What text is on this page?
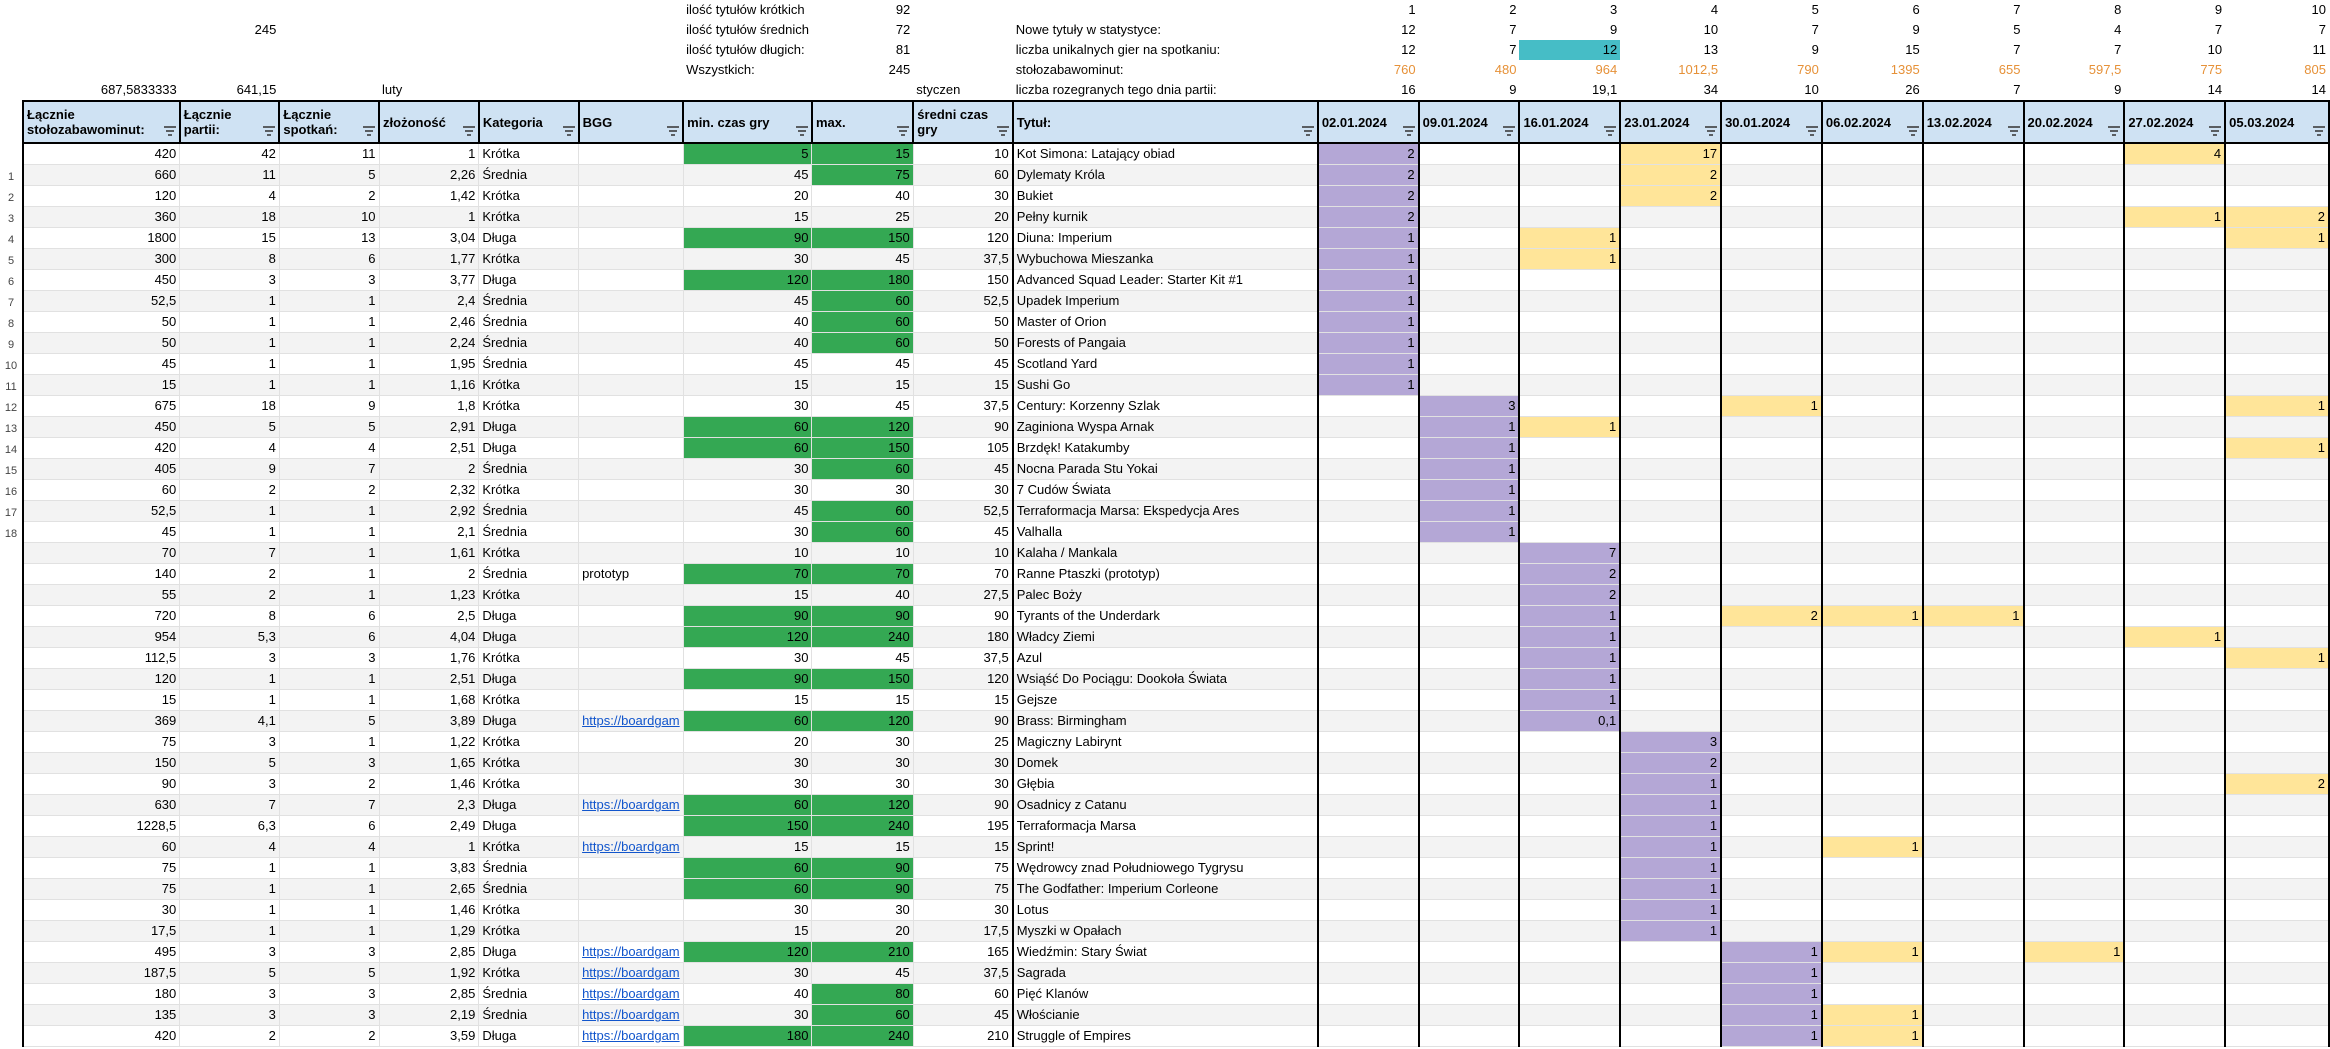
1
2
3
4
5
6
7
8
9
10
11
12
13
14
15
16
17
18
						ilość tytułów krótkich	92			1	2	3	4	5	6	7	8	9	10
	245					ilość tytułów średnich	72		Nowe tytuły w statystyce:	12	7	9	10	7	9	5	4	7	7
						ilość tytułów długich:	81		liczba unikalnych gier na spotkaniu:	12	7	12	13	9	15	7	7	10	11
						Wszystkich:	245		stołozabawominut:	760	480	964	1012,5	790	1395	655	597,5	775	805
687,5833333	641,15		luty					styczen	liczba rozegranych tego dnia partii:	16	9	19,1	34	10	26	7	9	14	14

Łącznie stołozabawominut:	Łącznie partii:	Łącznie spotkań:	złożoność	Kategoria	BGG	min. czas gry	max.	średni czas gry	Tytuł:	02.01.2024	09.01.2024	16.01.2024	23.01.2024	30.01.2024	06.02.2024	13.02.2024	20.02.2024	27.02.2024	05.03.2024

420	42	11	1	Krótka		5	15	10	Kot Simona: Latający obiad	2			17					4	
660	11	5	2,26	Średnia		45	75	60	Dylematy Króla	2			2						
120	4	2	1,42	Krótka		20	40	30	Bukiet	2			2						
360	18	10	1	Krótka		15	25	20	Pełny kurnik	2								1	2
1800	15	13	3,04	Długa		90	150	120	Diuna: Imperium	1		1							1
300	8	6	1,77	Krótka		30	45	37,5	Wybuchowa Mieszanka	1		1							
450	3	3	3,77	Długa		120	180	150	Advanced Squad Leader: Starter Kit #1	1									
52,5	1	1	2,4	Średnia		45	60	52,5	Upadek Imperium	1									
50	1	1	2,46	Średnia		40	60	50	Master of Orion	1									
50	1	1	2,24	Średnia		40	60	50	Forests of Pangaia	1									
45	1	1	1,95	Średnia		45	45	45	Scotland Yard	1									
15	1	1	1,16	Krótka		15	15	15	Sushi Go	1									
675	18	9	1,8	Krótka		30	45	37,5	Century: Korzenny Szlak		3			1					1
450	5	5	2,91	Długa		60	120	90	Zaginiona Wyspa Arnak		1	1							
420	4	4	2,51	Długa		60	150	105	Brzdęk! Katakumby		1								1
405	9	7	2	Średnia		30	60	45	Nocna Parada Stu Yokai		1								
60	2	2	2,32	Krótka		30	30	30	7 Cudów Świata		1								
52,5	1	1	2,92	Średnia		45	60	52,5	Terraformacja Marsa: Ekspedycja Ares		1								
45	1	1	2,1	Średnia		30	60	45	Valhalla		1								
70	7	1	1,61	Krótka		10	10	10	Kalaha / Mankala			7							
140	2	1	2	Średnia	prototyp	70	70	70	Ranne Ptaszki (prototyp)			2							
55	2	1	1,23	Krótka		15	40	27,5	Palec Boży			2							
720	8	6	2,5	Długa		90	90	90	Tyrants of the Underdark			1		2	1	1			
954	5,3	6	4,04	Długa		120	240	180	Władcy Ziemi			1						1	
112,5	3	3	1,76	Krótka		30	45	37,5	Azul			1							1
120	1	1	2,51	Długa		90	150	120	Wsiąść Do Pociągu: Dookoła Świata			1							
15	1	1	1,68	Krótka		15	15	15	Gejsze			1							
369	4,1	5	3,89	Długa	https://boardgam	60	120	90	Brass: Birmingham			0,1							
75	3	1	1,22	Krótka		20	30	25	Magiczny Labirynt				3						
150	5	3	1,65	Krótka		30	30	30	Domek				2						
90	3	2	1,46	Krótka		30	30	30	Głębia				1						2
630	7	7	2,3	Długa	https://boardgam	60	120	90	Osadnicy z Catanu				1						
1228,5	6,3	6	2,49	Długa		150	240	195	Terraformacja Marsa				1						
60	4	4	1	Krótka	https://boardgam	15	15	15	Sprint!				1		1				
75	1	1	3,83	Średnia		60	90	75	Wędrowcy znad Południowego Tygrysu				1						
75	1	1	2,65	Średnia		60	90	75	The Godfather: Imperium Corleone				1						
30	1	1	1,46	Krótka		30	30	30	Lotus				1						
17,5	1	1	1,29	Krótka		15	20	17,5	Myszki w Opałach				1						
495	3	3	2,85	Długa	https://boardgam	120	210	165	Wiedźmin: Stary Świat					1	1		1		
187,5	5	5	1,92	Krótka	https://boardgam	30	45	37,5	Sagrada					1					
180	3	3	2,85	Średnia	https://boardgam	40	80	60	Pięć Klanów					1					
135	3	3	2,19	Średnia	https://boardgam	30	60	45	Włościanie					1	1				
420	2	2	3,59	Długa	https://boardgam	180	240	210	Struggle of Empires					1	1				
